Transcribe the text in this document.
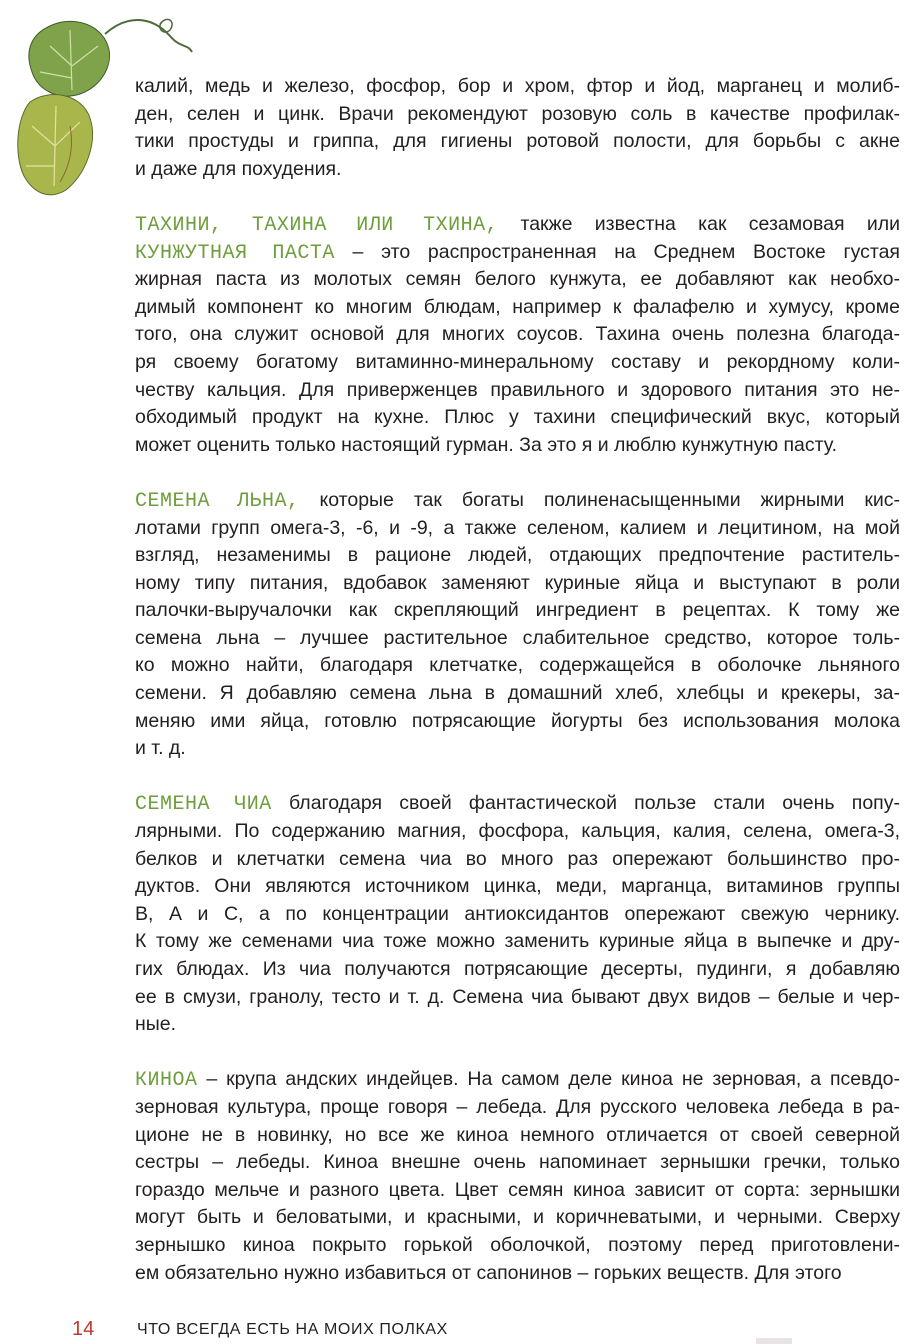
калий, медь и железо, фосфор, бор и хром, фтор и йод, марганец и молиб-
ден, селен и цинк. Врачи рекомендуют розовую соль в качестве профилак-
тики простуды и гриппа, для гигиены ротовой полости, для борьбы с акне
и даже для похудения.
ТАХИНИ, ТАХИНА ИЛИ ТХИНА, также известна как сезамовая или
КУНЖУТНАЯ ПАСТА – это распространенная на Среднем Востоке густая
жирная паста из молотых семян белого кунжута, ее добавляют как необхо-
димый компонент ко многим блюдам, например к фалафелю и хумусу, кроме
того, она служит основой для многих соусов. Тахина очень полезна благода-
ря своему богатому витаминно-минеральному составу и рекордному коли-
честву кальция. Для приверженцев правильного и здорового питания это не-
обходимый продукт на кухне. Плюс у тахини специфический вкус, который
может оценить только настоящий гурман. За это я и люблю кунжутную пасту.
СЕМЕНА ЛЬНА, которые так богаты полиненасыщенными жирными кис-
лотами групп омега-3, -6, и -9, а также селеном, калием и лецитином, на мой
взгляд, незаменимы в рационе людей, отдающих предпочтение раститель-
ному типу питания, вдобавок заменяют куриные яйца и выступают в роли
палочки-выручалочки как скрепляющий ингредиент в рецептах. К тому же
семена льна – лучшее растительное слабительное средство, которое толь-
ко можно найти, благодаря клетчатке, содержащейся в оболочке льняного
семени. Я добавляю семена льна в домашний хлеб, хлебцы и крекеры, за-
меняю ими яйца, готовлю потрясающие йогурты без использования молока
и т. д.
СЕМЕНА ЧИА благодаря своей фантастической пользе стали очень попу-
лярными. По содержанию магния, фосфора, кальция, калия, селена, омега-3,
белков и клетчатки семена чиа во много раз опережают большинство про-
дуктов. Они являются источником цинка, меди, марганца, витаминов группы
В, А и С, а по концентрации антиоксидантов опережают свежую чернику.
К тому же семенами чиа тоже можно заменить куриные яйца в выпечке и дру-
гих блюдах. Из чиа получаются потрясающие десерты, пудинги, я добавляю
ее в смузи, гранолу, тесто и т. д. Семена чиа бывают двух видов – белые и чер-
ные.
КИНОА – крупа андских индейцев. На самом деле киноа не зерновая, а псевдо-
зерновая культура, проще говоря – лебеда. Для русского человека лебеда в ра-
ционе не в новинку, но все же киноа немного отличается от своей северной
сестры – лебеды. Киноа внешне очень напоминает зернышки гречки, только
гораздо мельче и разного цвета. Цвет семян киноа зависит от сорта: зернышки
могут быть и беловатыми, и красными, и коричневатыми, и черными. Сверху
зернышко киноа покрыто горькой оболочкой, поэтому перед приготовлени-
ем обязательно нужно избавиться от сапонинов – горьких веществ. Для этого
14	ЧТО ВСЕГДА ЕСТЬ НА МОИХ ПОЛКАХ
